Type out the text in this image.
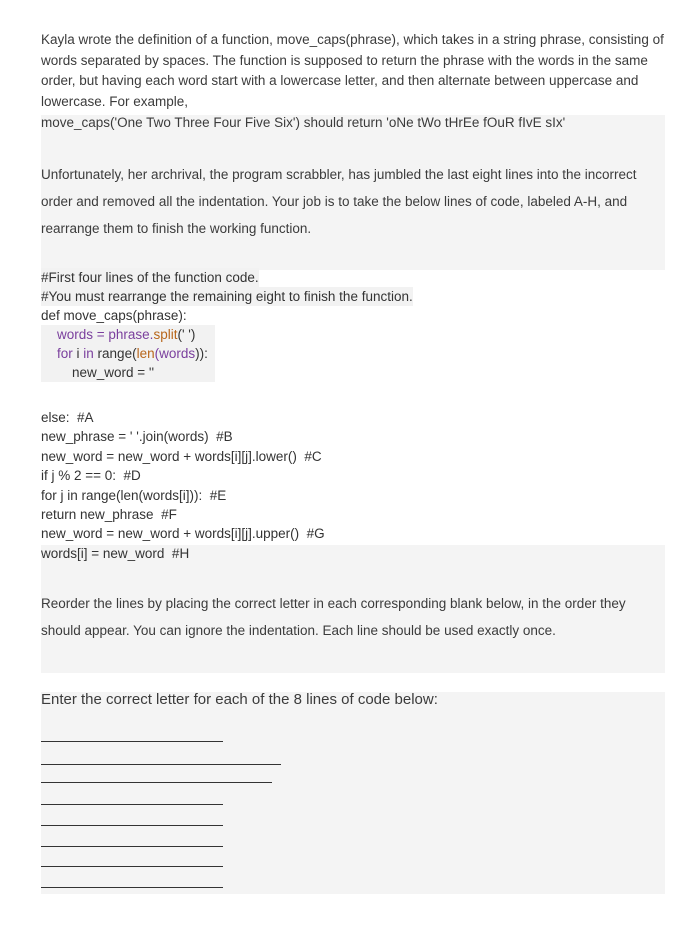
Kayla wrote the definition of a function, move_caps(phrase), which takes in a string phrase, consisting of words separated by spaces. The function is supposed to return the phrase with the words in the same order, but having each word start with a lowercase letter, and then alternate between uppercase and lowercase. For example,

move_caps('One Two Three Four Five Six') should return 'oNe tWo tHrEe fOuR fIvE sIx'
Unfortunately, her archrival, the program scrabbler, has jumbled the last eight lines into the incorrect order and removed all the indentation. Your job is to take the below lines of code, labeled A-H, and rearrange them to finish the working function.
#First four lines of the function code.
#You must rearrange the remaining eight to finish the function.
def move_caps(phrase):
words = phrase.split(' ')
for i in range(len(words)):
new_word = ''
else:  #A
new_phrase = ' '.join(words)  #B
new_word = new_word + words[i][j].lower()  #C
if j % 2 == 0:  #D
for j in range(len(words[i])):  #E
return new_phrase  #F
new_word = new_word + words[i][j].upper()  #G
words[i] = new_word  #H
Reorder the lines by placing the correct letter in each corresponding blank below, in the order they should appear. You can ignore the indentation. Each line should be used exactly once.
Enter the correct letter for each of the 8 lines of code below:
